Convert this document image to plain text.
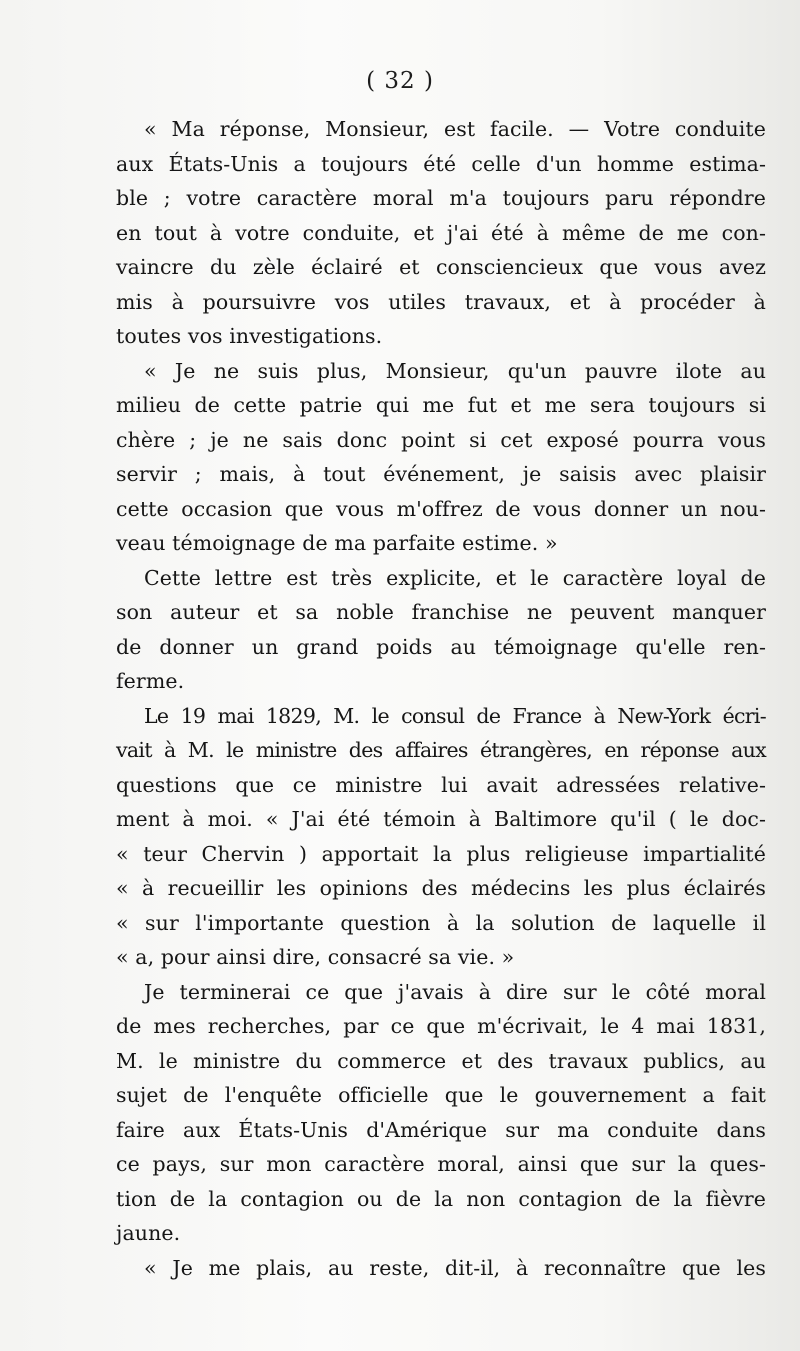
( 32 )
« Ma réponse, Monsieur, est facile. — Votre conduite
aux États-Unis a toujours été celle d'un homme estima-
ble ; votre caractère moral m'a toujours paru répondre
en tout à votre conduite, et j'ai été à même de me con-
vaincre du zèle éclairé et consciencieux que vous avez
mis à poursuivre vos utiles travaux, et à procéder à
toutes vos investigations.
« Je ne suis plus, Monsieur, qu'un pauvre ilote au
milieu de cette patrie qui me fut et me sera toujours si
chère ; je ne sais donc point si cet exposé pourra vous
servir ; mais, à tout événement, je saisis avec plaisir
cette occasion que vous m'offrez de vous donner un nou-
veau témoignage de ma parfaite estime. »
Cette lettre est très explicite, et le caractère loyal de
son auteur et sa noble franchise ne peuvent manquer
de donner un grand poids au témoignage qu'elle ren-
ferme.
Le 19 mai 1829, M. le consul de France à New-York écri-
vait à M. le ministre des affaires étrangères, en réponse aux
questions que ce ministre lui avait adressées relative-
ment à moi. « J'ai été témoin à Baltimore qu'il ( le doc-
« teur Chervin ) apportait la plus religieuse impartialité
« à recueillir les opinions des médecins les plus éclairés
« sur l'importante question à la solution de laquelle il
« a, pour ainsi dire, consacré sa vie. »
Je terminerai ce que j'avais à dire sur le côté moral
de mes recherches, par ce que m'écrivait, le 4 mai 1831,
M. le ministre du commerce et des travaux publics, au
sujet de l'enquête officielle que le gouvernement a fait
faire aux États-Unis d'Amérique sur ma conduite dans
ce pays, sur mon caractère moral, ainsi que sur la ques-
tion de la contagion ou de la non contagion de la fièvre
jaune.
« Je me plais, au reste, dit-il, à reconnaître que les
